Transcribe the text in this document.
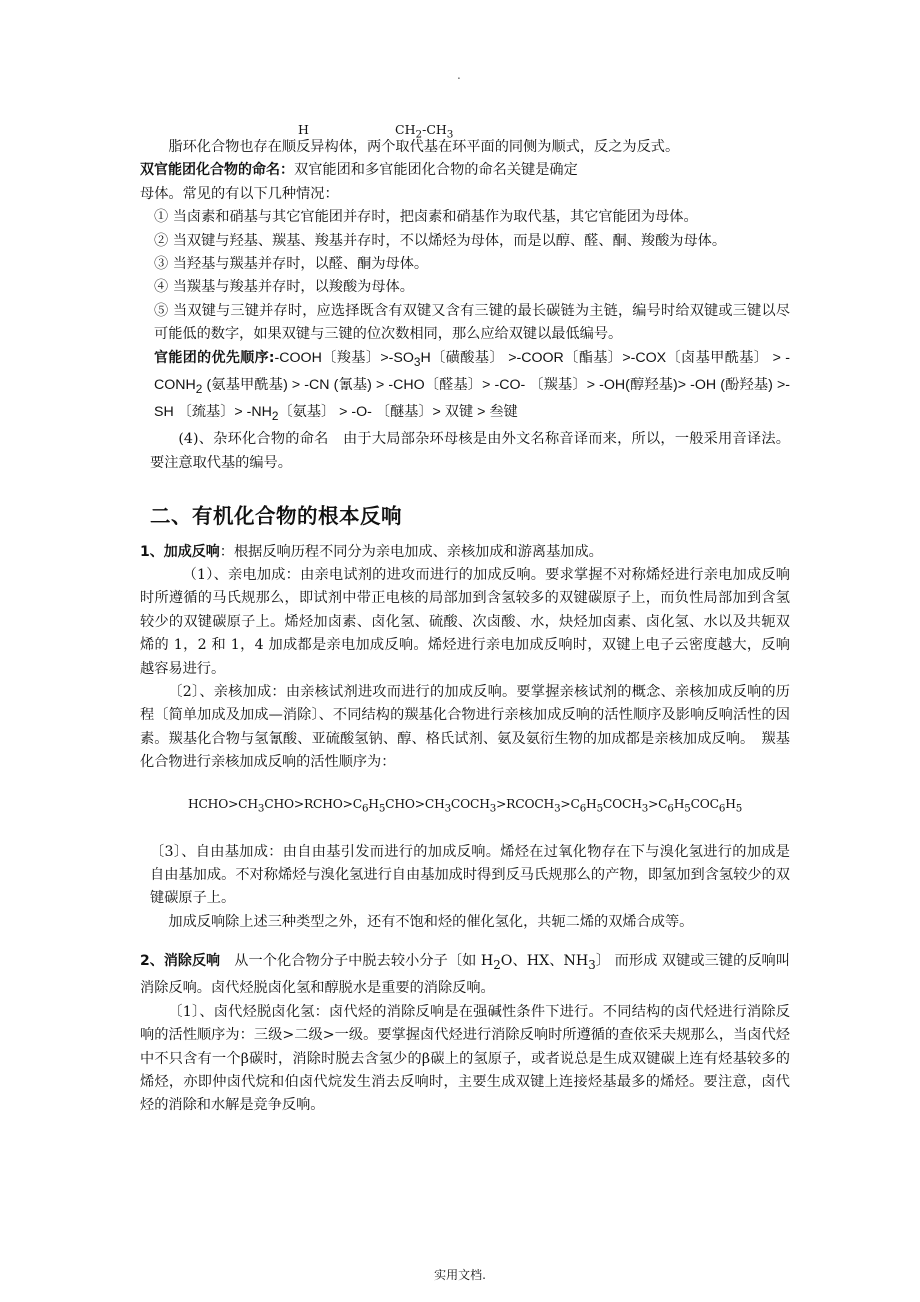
.
H	$CH_2-CH_3$

脂环化合物也存在顺反异构体，两个取代基在环平面的同侧为顺式，反之为反式。

双官能团化合物的命名：双官能团和多官能团化合物的命名关键是确定

母体。常见的有以下几种情况：

① 当卤素和硝基与其它官能团并存时，把卤素和硝基作为取代基，其它官能团为母体。

② 当双键与羟基、羰基、羧基并存时，不以烯烃为母体，而是以醇、醛、酮、羧酸为母体。

③ 当羟基与羰基并存时，以醛、酮为母体。

④ 当羰基与羧基并存时，以羧酸为母体。

⑤ 当双键与三键并存时，应选择既含有双键又含有三键的最长碳链为主链，编号时给双键或三键以尽可能低的数字，如果双键与三键的位次数相同，那么应给双键以最低编号。

官能团的优先顺序:-COOH〔羧基〕$>-SO_3H$〔磺酸基〕 >-COOR〔酯基〕>-COX〔卤基甲酰基〕 > $-CONH_2$ (氨基甲酰基) > -CN (氰基) > -CHO〔醛基〕> -CO- 〔羰基〕> -OH(醇羟基)> -OH (酚羟基) >-SH 〔巯基〕> $-NH_2$〔氨基〕 > -O- 〔醚基〕> 双键 > 叁键

(4)、杂环化合物的命名　由于大局部杂环母核是由外文名称音译而来，所以，一般采用音译法。要注意取代基的编号。

二、有机化合物的根本反响

1、加成反响：根据反响历程不同分为亲电加成、亲核加成和游离基加成。

（1）、亲电加成：由亲电试剂的进攻而进行的加成反响。要求掌握不对称烯烃进行亲电加成反响时所遵循的马氏规那么，即试剂中带正电核的局部加到含氢较多的双键碳原子上，而负性局部加到含氢较少的双键碳原子上。烯烃加卤素、卤化氢、硫酸、次卤酸、水，炔烃加卤素、卤化氢、水以及共轭双烯的 1，2 和 1，4 加成都是亲电加成反响。烯烃进行亲电加成反响时，双键上电子云密度越大，反响越容易进行。

〔2〕、亲核加成：由亲核试剂进攻而进行的加成反响。要掌握亲核试剂的概念、亲核加成反响的历程〔简单加成及加成—消除〕、不同结构的羰基化合物进行亲核加成反响的活性顺序及影响反响活性的因素。羰基化合物与氢氰酸、亚硫酸氢钠、醇、格氏试剂、氨及氨衍生物的加成都是亲核加成反响。　羰基化合物进行亲核加成反响的活性顺序为：

$HCHO>CH_3CHO>RCHO>C_6H_5CHO>CH_3COCH_3>RCOCH_3>C_6H_5COCH_3>C_6H_5COC_6H_5$

〔3〕、自由基加成：由自由基引发而进行的加成反响。烯烃在过氧化物存在下与溴化氢进行的加成是自由基加成。不对称烯烃与溴化氢进行自由基加成时得到反马氏规那么的产物，即氢加到含氢较少的双键碳原子上。

加成反响除上述三种类型之外，还有不饱和烃的催化氢化，共轭二烯的双烯合成等。

2、消除反响　从一个化合物分子中脱去较小分子〔如 $H_2O$、HX、$NH_3$〕 而形成 双键或三键的反响叫消除反响。卤代烃脱卤化氢和醇脱水是重要的消除反响。

〔1〕、卤代烃脱卤化氢：卤代烃的消除反响是在强碱性条件下进行。不同结构的卤代烃进行消除反响的活性顺序为：三级>二级>一级。要掌握卤代烃进行消除反响时所遵循的查依采夫规那么，当卤代烃中不只含有一个β碳时，消除时脱去含氢少的β碳上的氢原子，或者说总是生成双键碳上连有烃基较多的烯烃，亦即仲卤代烷和伯卤代烷发生消去反响时，主要生成双键上连接烃基最多的烯烃。要注意，卤代烃的消除和水解是竞争反响。

实用文档.
